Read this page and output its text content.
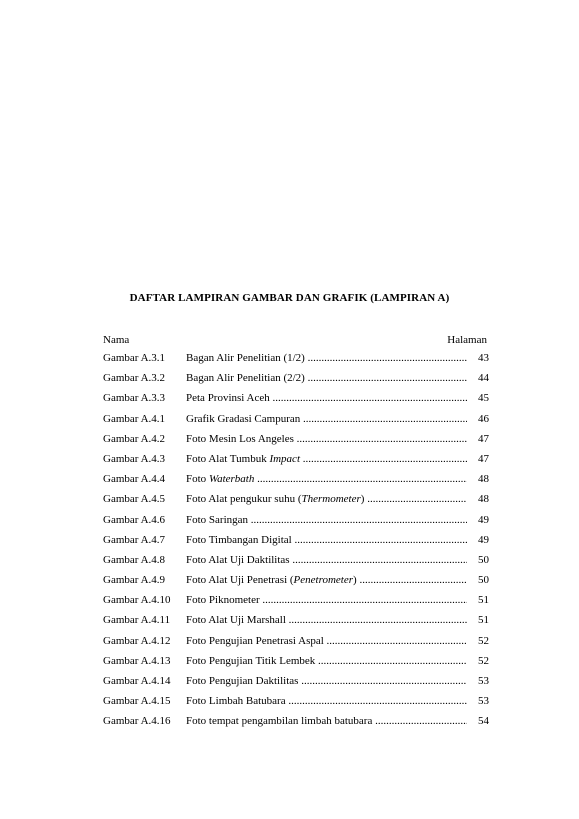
DAFTAR LAMPIRAN GAMBAR DAN GRAFIK (LAMPIRAN A)
Nama	Halaman
Gambar A.3.1 Bagan Alir Penelitian (1/2) .....	43
Gambar A.3.2 Bagan Alir Penelitian (2/2) .....	44
Gambar A.3.3 Peta Provinsi Aceh .....	45
Gambar A.4.1 Grafik Gradasi Campuran .....	46
Gambar A.4.2 Foto Mesin Los Angeles .....	47
Gambar A.4.3 Foto Alat Tumbuk Impact .....	47
Gambar A.4.4 Foto Waterbath .....	48
Gambar A.4.5 Foto Alat pengukur suhu (Thermometer) .....	48
Gambar A.4.6 Foto Saringan .....	49
Gambar A.4.7 Foto Timbangan Digital .....	49
Gambar A.4.8 Foto Alat Uji Daktilitas .....	50
Gambar A.4.9 Foto Alat Uji Penetrasi (Penetrometer) .....	50
Gambar A.4.10 Foto Piknometer .....	51
Gambar A.4.11 Foto Alat Uji Marshall .....	51
Gambar A.4.12 Foto Pengujian Penetrasi Aspal .....	52
Gambar A.4.13 Foto Pengujian Titik Lembek .....	52
Gambar A.4.14 Foto Pengujian Daktilitas .....	53
Gambar A.4.15 Foto Limbah Batubara .....	53
Gambar A.4.16 Foto tempat pengambilan limbah batubara .....	54
